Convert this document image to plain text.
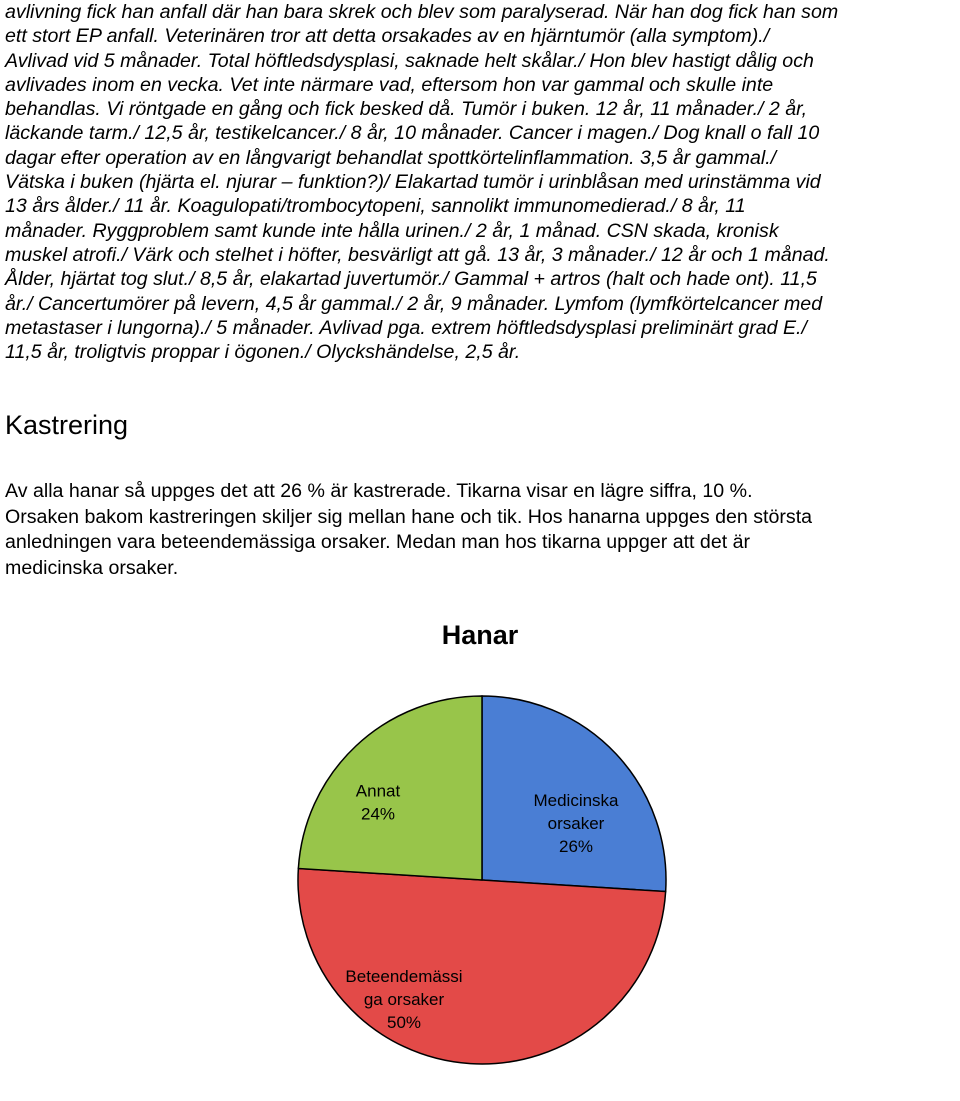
avlivning fick han anfall där han bara skrek och blev som paralyserad. När han dog fick han som
ett stort EP anfall. Veterinären tror att detta orsakades av en hjärntumör (alla symptom)./
Avlivad vid 5 månader. Total höftledsdysplasi, saknade helt skålar./ Hon blev hastigt dålig och
avlivades inom en vecka. Vet inte närmare vad, eftersom hon var gammal och skulle inte
behandlas. Vi röntgade en gång och fick besked då. Tumör i buken. 12 år, 11 månader./ 2 år,
läckande tarm./ 12,5 år, testikelcancer./ 8 år, 10 månader. Cancer i magen./ Dog knall o fall 10
dagar efter operation av en långvarigt behandlat spottkörtelinflammation. 3,5 år gammal./
Vätska i buken (hjärta el. njurar – funktion?)/ Elakartad tumör i urinblåsan med urinstämma vid
13 års ålder./ 11 år. Koagulopati/trombocytopeni, sannolikt immunomedierad./ 8 år, 11
månader. Ryggproblem samt kunde inte hålla urinen./ 2 år, 1 månad. CSN skada, kronisk
muskel atrofi./ Värk och stelhet i höfter, besvärligt att gå. 13 år, 3 månader./ 12 år och 1 månad.
Ålder, hjärtat tog slut./ 8,5 år, elakartad juvertumör./ Gammal + artros (halt och hade ont). 11,5
år./ Cancertumörer på levern, 4,5 år gammal./ 2 år, 9 månader. Lymfom (lymfkörtelcancer med
metastaser i lungorna)./ 5 månader. Avlivad pga. extrem höftledsdysplasi preliminärt grad E./
11,5 år, troligtvis proppar i ögonen./ Olyckshändelse, 2,5 år.
Kastrering
Av alla hanar så uppges det att 26 % är kastrerade. Tikarna visar en lägre siffra, 10 %.
Orsaken bakom kastreringen skiljer sig mellan hane och tik. Hos hanarna uppges den största
anledningen vara beteendemässiga orsaker. Medan man hos tikarna uppger att det är
medicinska orsaker.
Hanar
Medicinska
orsaker
26%
Beteendemässi
ga orsaker
50%
Annat
24%
